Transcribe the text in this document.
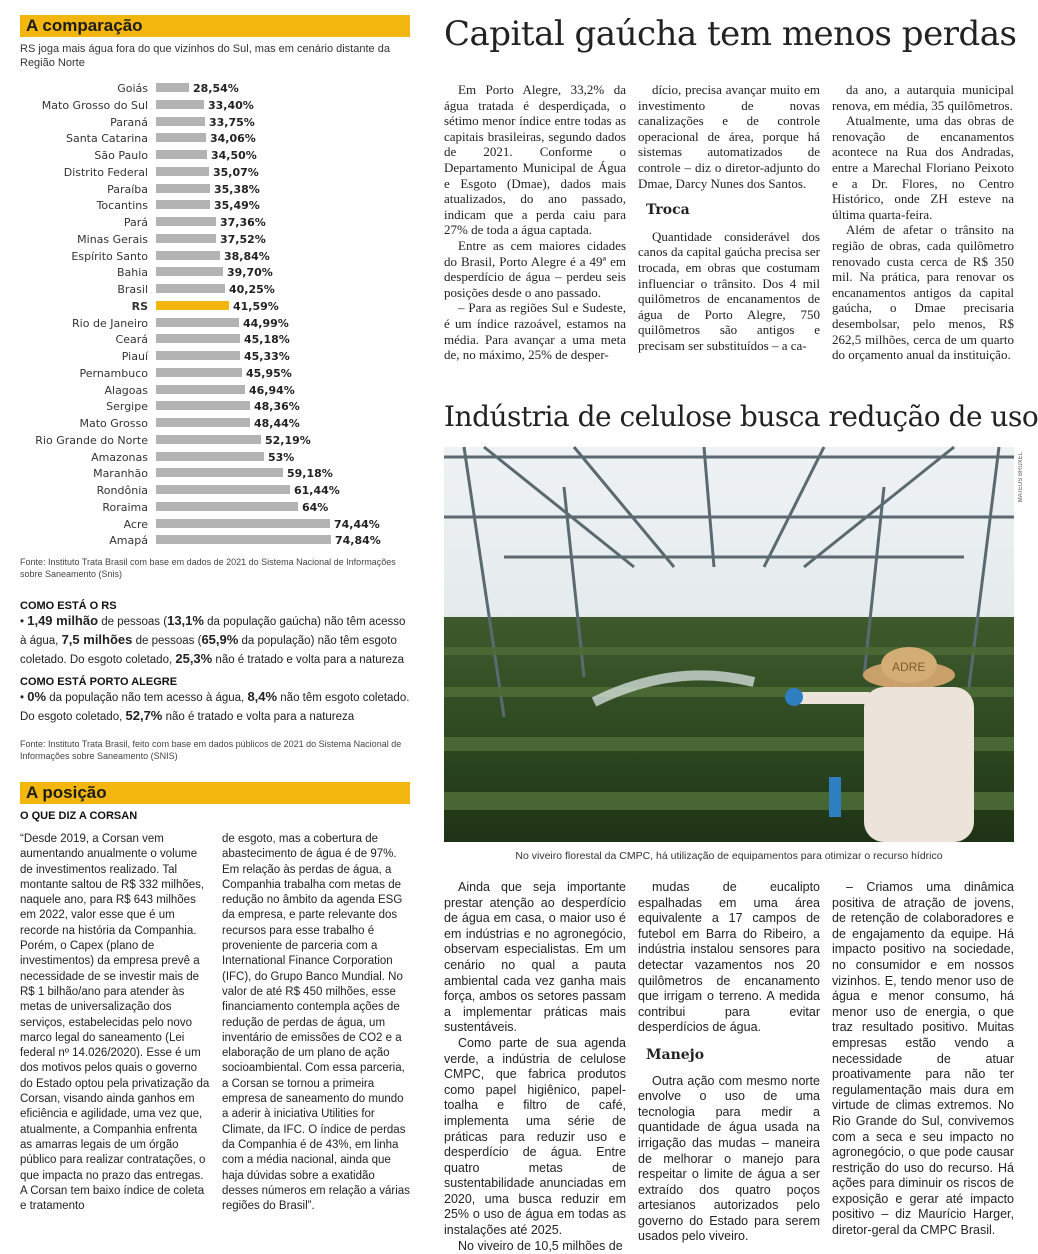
A comparação
RS joga mais água fora do que vizinhos do Sul, mas em cenário distante da Região Norte
Goiás	28,54%
Mato Grosso do Sul	33,40%
Paraná	33,75%
Santa Catarina	34,06%
São Paulo	34,50%
Distrito Federal	35,07%
Paraíba	35,38%
Tocantins	35,49%
Pará	37,36%
Minas Gerais	37,52%
Espírito Santo	38,84%
Bahia	39,70%
Brasil	40,25%
RS	41,59%
Rio de Janeiro	44,99%
Ceará	45,18%
Piauí	45,33%
Pernambuco	45,95%
Alagoas	46,94%
Sergipe	48,36%
Mato Grosso	48,44%
Rio Grande do Norte	52,19%
Amazonas	53%
Maranhão	59,18%
Rondônia	61,44%
Roraima	64%
Acre	74,44%
Amapá	74,84%
Fonte: Instituto Trata Brasil com base em dados de 2021 do Sistema Nacional de Informações sobre Saneamento (Snis)
COMO ESTÁ O RS
• 1,49 milhão de pessoas (13,1% da população gaúcha) não têm acesso à água, 7,5 milhões de pessoas (65,9% da população) não têm esgoto coletado. Do esgoto coletado, 25,3% não é tratado e volta para a natureza
COMO ESTÁ PORTO ALEGRE
• 0% da população não tem acesso à água, 8,4% não têm esgoto coletado. Do esgoto coletado, 52,7% não é tratado e volta para a natureza
Fonte: Instituto Trata Brasil, feito com base em dados públicos de 2021 do Sistema Nacional de Informações sobre Saneamento (SNIS)
A posição
O QUE DIZ A CORSAN
“Desde 2019, a Corsan vem aumentando anualmente o volume de investimentos realizado. Tal montante saltou de R$ 332 milhões, naquele ano, para R$ 643 milhões em 2022, valor esse que é um recorde na história da Companhia. Porém, o Capex (plano de investimentos) da empresa prevê a necessidade de se investir mais de R$ 1 bilhão/ano para atender às metas de universalização dos serviços, estabelecidas pelo novo marco legal do saneamento (Lei federal nº 14.026/2020). Esse é um dos motivos pelos quais o governo do Estado optou pela privatização da Corsan, visando ainda ganhos em eficiência e agilidade, uma vez que, atualmente, a Companhia enfrenta as amarras legais de um órgão público para realizar contratações, o que impacta no prazo das entregas. A Corsan tem baixo índice de coleta e tratamento
de esgoto, mas a cobertura de abastecimento de água é de 97%. Em relação às perdas de água, a Companhia trabalha com metas de redução no âmbito da agenda ESG da empresa, e parte relevante dos recursos para esse trabalho é proveniente de parceria com a International Finance Corporation (IFC), do Grupo Banco Mundial. No valor de até R$ 450 milhões, esse financiamento contempla ações de redução de perdas de água, um inventário de emissões de CO2 e a elaboração de um plano de ação socioambiental. Com essa parceria, a Corsan se tornou a primeira empresa de saneamento do mundo a aderir à iniciativa Utilities for Climate, da IFC. O índice de perdas da Companhia é de 43%, em linha com a média nacional, ainda que haja dúvidas sobre a exatidão desses números em relação a várias regiões do Brasil”.
Capital gaúcha tem menos perdas

Em Porto Alegre, 33,2% da água tratada é desperdiçada, o sétimo menor índice entre todas as capitais brasileiras, segundo dados de 2021. Conforme o Departamento Municipal de Água e Esgoto (Dmae), dados mais atualizados, do ano passado, indicam que a perda caiu para 27% de toda a água captada.

Entre as cem maiores cidades do Brasil, Porto Alegre é a 49ª em desperdício de água – perdeu seis posições desde o ano passado.

– Para as regiões Sul e Sudeste, é um índice razoável, estamos na média. Para avançar a uma meta de, no máximo, 25% de desper-

dício, precisa avançar muito em investimento de novas canalizações e de controle operacional de área, porque há sistemas automatizados de controle – diz o diretor-adjunto do Dmae, Darcy Nunes dos Santos.

Troca

Quantidade considerável dos canos da capital gaúcha precisa ser trocada, em obras que costumam influenciar o trânsito. Dos 4 mil quilômetros de encanamentos de água de Porto Alegre, 750 quilômetros são antigos e precisam ser substituídos – a ca-

da ano, a autarquia municipal renova, em média, 35 quilômetros.

Atualmente, uma das obras de renovação de encanamentos acontece na Rua dos Andradas, entre a Marechal Floriano Peixoto e a Dr. Flores, no Centro Histórico, onde ZH esteve na última quarta-feira.

Além de afetar o trânsito na região de obras, cada quilômetro renovado custa cerca de R$ 350 mil. Na prática, para renovar os encanamentos antigos da capital gaúcha, o Dmae precisaria desembolsar, pelo menos, R$ 262,5 milhões, cerca de um quarto do orçamento anual da instituição.

Indústria de celulose busca redução de uso
ADRE
MATEUS BRUXEL
No viveiro florestal da CMPC, há utilização de equipamentos para otimizar o recurso hídrico

Ainda que seja importante prestar atenção ao desperdício de água em casa, o maior uso é em indústrias e no agronegócio, observam especialistas. Em um cenário no qual a pauta ambiental cada vez ganha mais força, ambos os setores passam a implementar práticas mais sustentáveis.

Como parte de sua agenda verde, a indústria de celulose CMPC, que fabrica produtos como papel higiênico, papel-toalha e filtro de café, implementa uma série de práticas para reduzir uso e desperdício de água. Entre quatro metas de sustentabilidade anunciadas em 2020, uma busca reduzir em 25% o uso de água em todas as instalações até 2025.

No viveiro de 10,5 milhões de

mudas de eucalipto espalhadas em uma área equivalente a 17 campos de futebol em Barra do Ribeiro, a indústria instalou sensores para detectar vazamentos nos 20 quilômetros de encanamento que irrigam o terreno. A medida contribui para evitar desperdícios de água.

Manejo

Outra ação com mesmo norte envolve o uso de uma tecnologia para medir a quantidade de água usada na irrigação das mudas – maneira de melhorar o manejo para respeitar o limite de água a ser extraído dos quatro poços artesianos autorizados pelo governo do Estado para serem usados pelo viveiro.

– Criamos uma dinâmica positiva de atração de jovens, de retenção de colaboradores e de engajamento da equipe. Há impacto positivo na sociedade, no consumidor e em nossos vizinhos. E, tendo menor uso de água e menor consumo, há menor uso de energia, o que traz resultado positivo. Muitas empresas estão vendo a necessidade de atuar proativamente para não ter regulamentação mais dura em virtude de climas extremos. No Rio Grande do Sul, convivemos com a seca e seu impacto no agronegócio, o que pode causar restrição do uso do recurso. Há ações para diminuir os riscos de exposição e gerar até impacto positivo – diz Maurício Harger, diretor-geral da CMPC Brasil.
